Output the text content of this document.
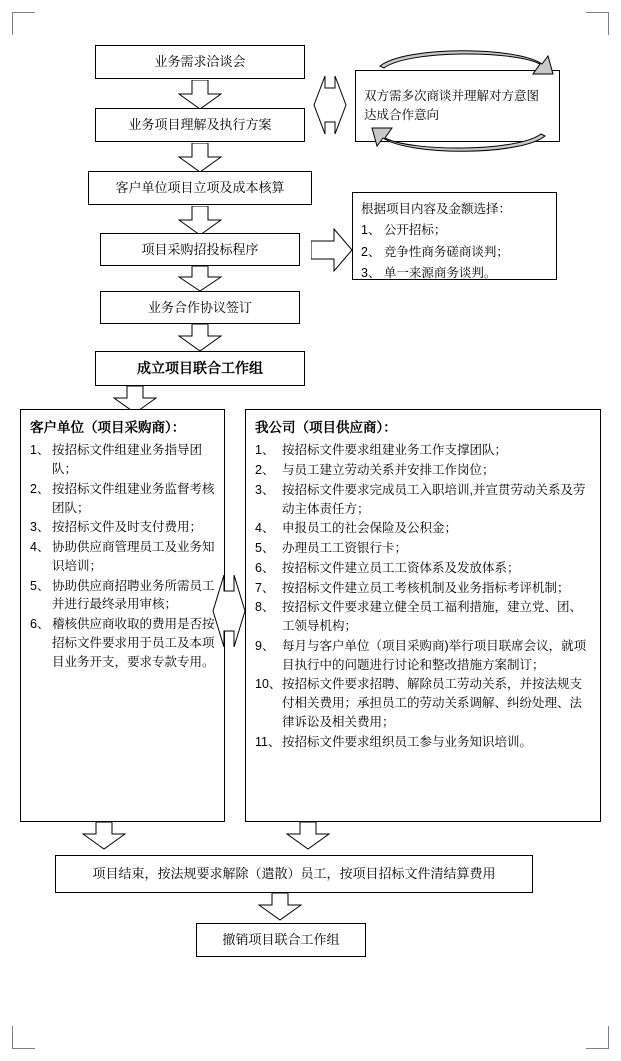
业务需求洽谈会
业务项目理解及执行方案
双方需多次商谈并理解对方意图达成合作意向
客户单位项目立项及成本核算
项目采购招投标程序
根据项目内容及金额选择：
1、 公开招标；
2、 竞争性商务磋商谈判；
3、 单一来源商务谈判。
业务合作协议签订
成立项目联合工作组
客户单位（项目采购商）：
1、 按招标文件组建业务指导团队；
2、 按招标文件组建业务监督考核团队；
3、 按招标文件及时支付费用；
4、 协助供应商管理员工及业务知识培训；
5、 协助供应商招聘业务所需员工并进行最终录用审核；
6、 稽核供应商收取的费用是否按招标文件要求用于员工及本项目业务开支，要求专款专用。
我公司（项目供应商）：
1、 按招标文件要求组建业务工作支撑团队；
2、 与员工建立劳动关系并安排工作岗位；
3、 按招标文件要求完成员工入职培训,并宣贯劳动关系及劳动主体责任方；
4、 申报员工的社会保险及公积金；
5、 办理员工工资银行卡；
6、 按招标文件建立员工工资体系及发放体系；
7、 按招标文件建立员工考核机制及业务指标考评机制；
8、 按招标文件要求建立健全员工福利措施，建立党、团、工领导机构；
9、 每月与客户单位（项目采购商)举行项目联席会议，就项目执行中的问题进行讨论和整改措施方案制订；
10、 按招标文件要求招聘、解除员工劳动关系，并按法规支付相关费用；承担员工的劳动关系调解、纠纷处理、法律诉讼及相关费用；
11、 按招标文件要求组织员工参与业务知识培训。
项目结束，按法规要求解除（遣散）员工，按项目招标文件清结算费用
撤销项目联合工作组
